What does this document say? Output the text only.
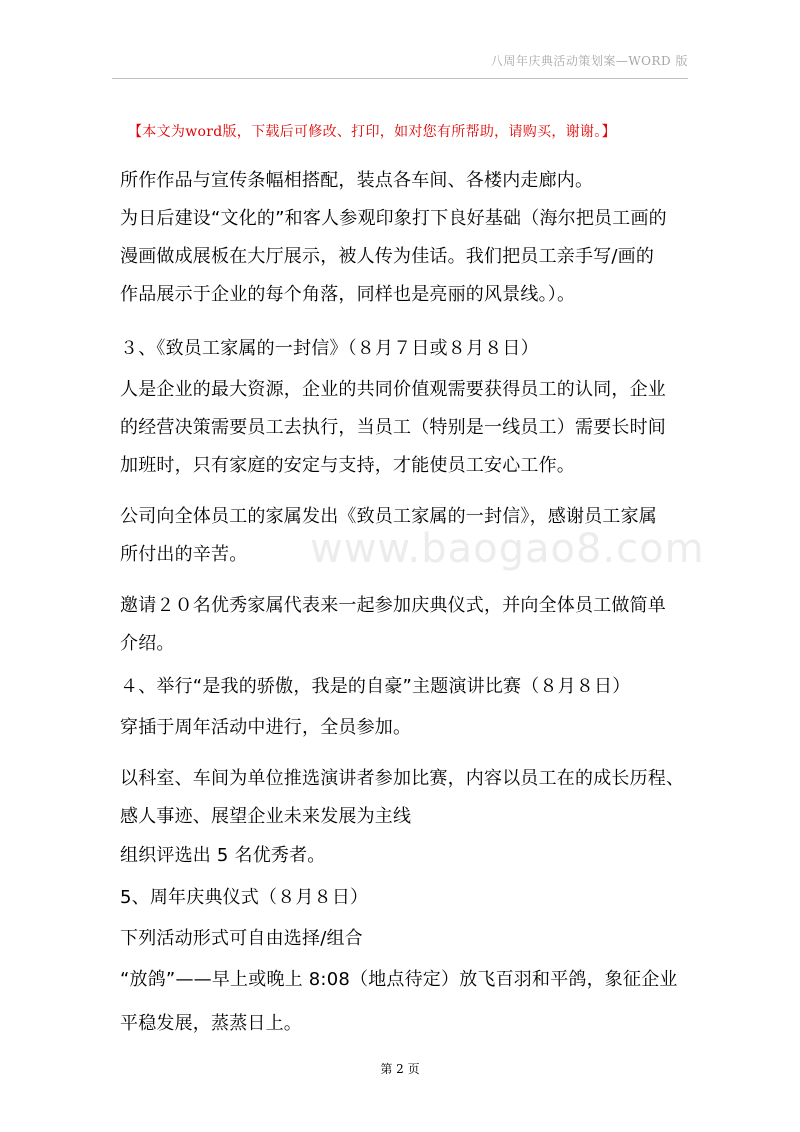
八周年庆典活动策划案—WORD 版
【本文为word版，下载后可修改、打印，如对您有所帮助，请购买，谢谢。】
www.baogao8.com
所作作品与宣传条幅相搭配，装点各车间、各楼内走廊内。
为日后建设“文化的”和客人参观印象打下良好基础（海尔把员工画的
漫画做成展板在大厅展示，被人传为佳话。我们把员工亲手写/画的
作品展示于企业的每个角落，同样也是亮丽的风景线。）。
３、《致员工家属的一封信》（８月７日或８月８日）
人是企业的最大资源，企业的共同价值观需要获得员工的认同，企业
的经营决策需要员工去执行，当员工（特别是一线员工）需要长时间
加班时，只有家庭的安定与支持，才能使员工安心工作。
公司向全体员工的家属发出《致员工家属的一封信》，感谢员工家属
所付出的辛苦。
邀请２０名优秀家属代表来一起参加庆典仪式，并向全体员工做简单
介绍。
４、举行“是我的骄傲，我是的自豪”主题演讲比赛（８月８日）
穿插于周年活动中进行，全员参加。
以科室、车间为单位推选演讲者参加比赛，内容以员工在的成长历程、
感人事迹、展望企业未来发展为主线
组织评选出 5 名优秀者。
5、周年庆典仪式（８月８日）
下列活动形式可自由选择/组合
“放鸽”——早上或晚上 8:08（地点待定）放飞百羽和平鸽，象征企业
平稳发展，蒸蒸日上。
第 2 页
